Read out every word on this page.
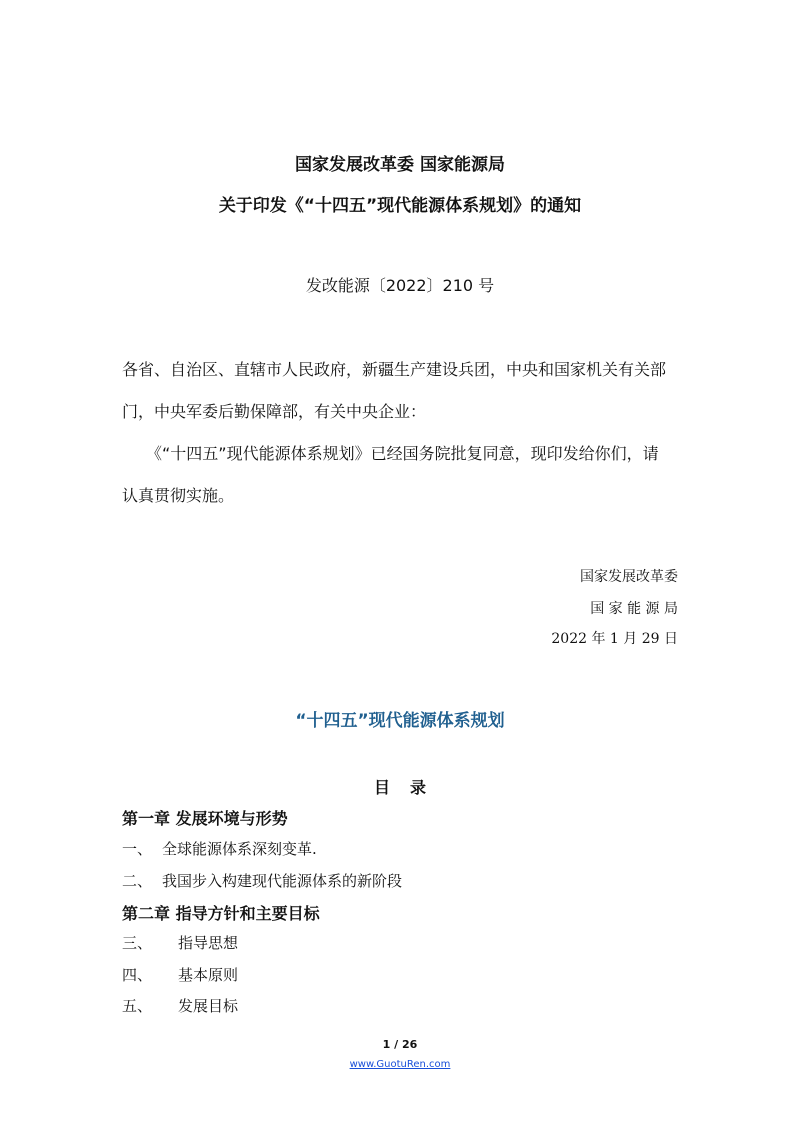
国家发展改革委 国家能源局
关于印发《“十四五”现代能源体系规划》的通知
发改能源〔2022〕210 号
各省、自治区、直辖市人民政府，新疆生产建设兵团，中央和国家机关有关部
门，中央军委后勤保障部，有关中央企业：
《“十四五”现代能源体系规划》已经国务院批复同意，现印发给你们，请
认真贯彻实施。
国家发展改革委
国 家 能 源 局
2022 年 1 月 29 日
“十四五”现代能源体系规划
目录
第一章 发展环境与形势
一、 全球能源体系深刻变革.
二、 我国步入构建现代能源体系的新阶段
第二章 指导方针和主要目标
三、 指导思想
四、 基本原则
五、 发展目标
1 / 26
www.GuotuRen.com
